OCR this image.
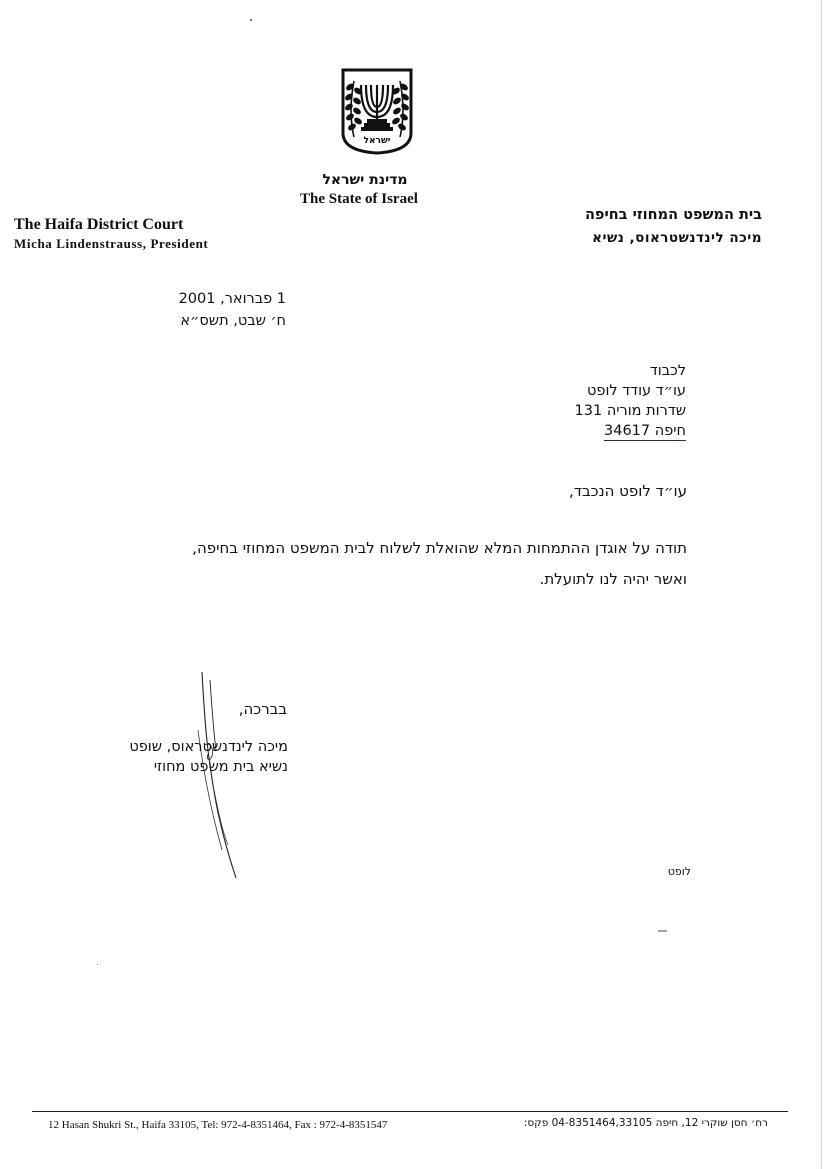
ישראל
מדינת ישראל
The State of Israel
The Haifa District Court
Micha Lindenstrauss, President
בית המשפט המחוזי בחיפה
מיכה לינדנשטראוס, נשיא
1 פברואר, 2001
ח׳ שבט, תשס״א
לכבוד
עו״ד עודד לופט
שדרות מוריה 131
חיפה 34617
עו״ד לופט הנכבד,
תודה על אוגדן ההתמחות המלא שהואלת לשלוח לבית המשפט המחוזי בחיפה,
ואשר יהיה לנו לתועלת.
בברכה,
מיכה לינדנשטראוס, שופט
נשיא בית משפט מחוזי
לופט
12 Hasan Shukri St., Haifa 33105, Tel: 972-4-8351464, Fax : 972-4-8351547	רח׳ חסן שוקרי 12, חיפה 04-8351464,33105 פקס:
